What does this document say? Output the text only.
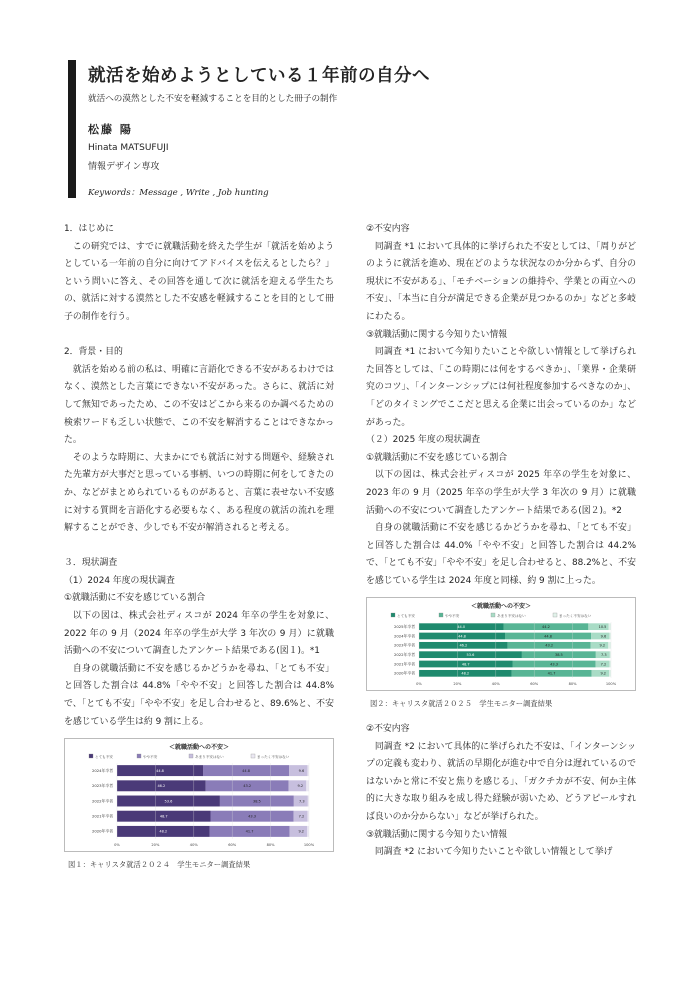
就活を始めようとしている１年前の自分へ
就活への漠然とした不安を軽減することを目的とした冊子の制作
松藤 陽
Hinata MATSUFUJI
情報デザイン専攻
Keywords：Message , Write , Job hunting
1．はじめに

この研究では、すでに就職活動を終えた学生が「就活を始めようとしている一年前の自分に向けてアドバイスを伝えるとしたら？」という問いに答え、その回答を通して次に就活を迎える学生たちの、就活に対する漠然とした不安感を軽減することを目的として冊子の制作を行う。

2．背景・目的

就活を始める前の私は、明確に言語化できる不安があるわけではなく、漠然とした言葉にできない不安があった。さらに、就活に対して無知であったため、この不安はどこから来るのか調べるための検索ワードも乏しい状態で、この不安を解消することはできなかった。

そのような時期に、大まかにでも就活に対する問題や、経験された先輩方が大事だと思っている事柄、いつの時期に何をしてきたのか、などがまとめられているものがあると、言葉に表せない不安感に対する質問を言語化する必要もなく、ある程度の就活の流れを理解することができ、少しでも不安が解消されると考える。

３．現状調査
（1）2024 年度の現状調査
①就職活動に不安を感じている割合

以下の図は、株式会社ディスコが 2024 年卒の学生を対象に、2022 年の 9 月（2024 年卒の学生が大学 3 年次の 9 月）に就職活動への不安について調査したアンケート結果である(図１)。*1

自身の就職活動に不安を感じるかどうかを尋ね、「とても不安」と回答した割合は 44.8%「やや不安」と回答した割合は 44.8%で、「とても不安」「やや不安」を足し合わせると、89.6%と、不安を感じている学生は約 9 割に上る。

＜就職活動への不安＞
とても不安	やや不安	あまり不安はない	まったく不安はない
2024年卒者	44.8	44.8	9.6
2023年卒者	46.2	43.2	9.2
2022年卒者	53.6	38.5	7.3
2021年卒者	48.7	43.3	7.2
2020年卒者	48.2	41.7	9.2
0%	20%	40%	60%	80%	100%
図１：キャリスタ就活２０２４　学生モニター調査結果
②不安内容

同調査 *1 において具体的に挙げられた不安としては、「周りがどのように就活を進め、現在どのような状況なのか分からず、自分の現状に不安がある」、「モチベーションの維持や、学業との両立への不安」、「本当に自分が満足できる企業が見つかるのか」などと多岐にわたる。

③就職活動に関する今知りたい情報

同調査 *1 において今知りたいことや欲しい情報として挙げられた回答としては、「この時期には何をするべきか」、「業界・企業研究のコツ」、「インターンシップには何社程度参加するべきなのか」、「どのタイミングでここだと思える企業に出会っているのか」などがあった。

（２）2025 年度の現状調査
①就職活動に不安を感じている割合

以下の図は、株式会社ディスコが 2025 年卒の学生を対象に、2023 年の 9 月（2025 年卒の学生が大学 3 年次の 9 月）に就職活動への不安について調査したアンケート結果である(図２)。*2

自身の就職活動に不安を感じるかどうかを尋ね、「とても不安」と回答した割合は 44.0%「やや不安」と回答した割合は 44.2%で、「とても不安」「やや不安」を足し合わせると、88.2%と、不安を感じている学生は 2024 年度と同様、約 9 割に上った。

＜就職活動への不安＞
とても不安	やや不安	あまり不安はない	まったく不安はない
2025年卒者	44.0	44.2	10.5
2024年卒者	44.8	44.8	9.6
2023年卒者	46.2	43.2	9.2
2022年卒者	53.6	38.5	7.3
2021年卒者	48.7	43.3	7.2
2020年卒者	48.2	41.7	9.2
0%	20%	40%	60%	80%	100%
図２：キャリスタ就活２０２５　学生モニター調査結果
②不安内容

同調査 *2 において具体的に挙げられた不安は、「インターンシップの定義も変わり、就活の早期化が進む中で自分は遅れているのではないかと常に不安と焦りを感じる」、「ガクチカが不安、何か主体的に大きな取り組みを成し得た経験が弱いため、どうアピールすれば良いのか分からない」などが挙げられた。

③就職活動に関する今知りたい情報

同調査 *2 において今知りたいことや欲しい情報として挙げ
